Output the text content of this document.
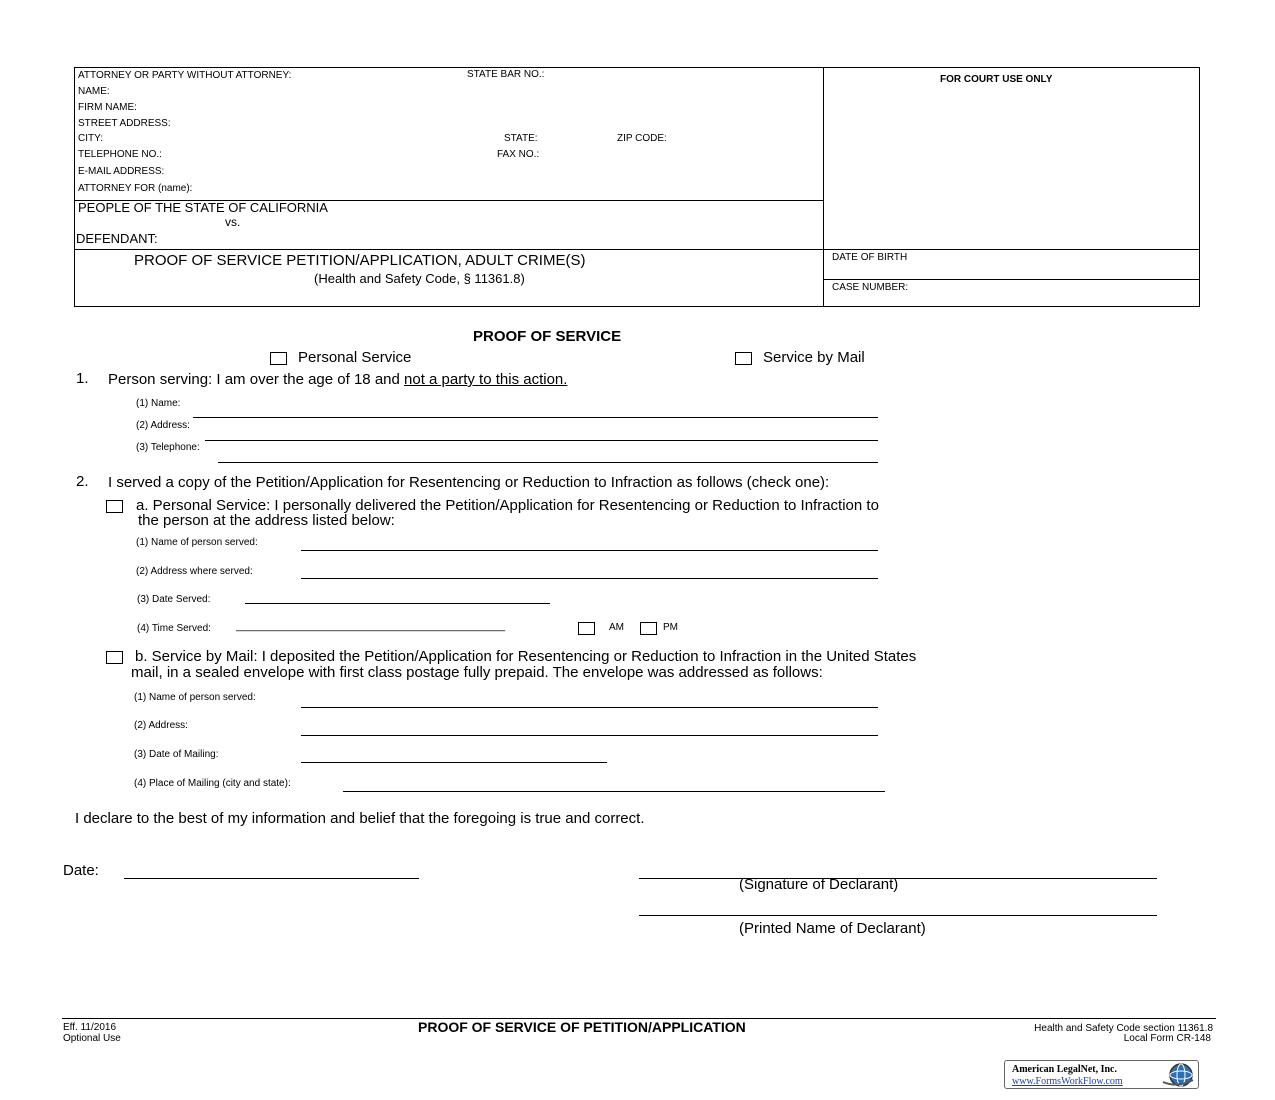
ATTORNEY OR PARTY WITHOUT ATTORNEY:	STATE BAR NO.:
NAME:
FIRM NAME:
STREET ADDRESS:
CITY:	STATE:	ZIP CODE:
TELEPHONE NO.:	FAX NO.:
E-MAIL ADDRESS:
ATTORNEY FOR (name):
FOR COURT USE ONLY
PEOPLE OF THE STATE OF CALIFORNIA
vs.
DEFENDANT:
PROOF OF SERVICE PETITION/APPLICATION, ADULT CRIME(S)
(Health and Safety Code, § 11361.8)
DATE OF BIRTH
CASE NUMBER:
PROOF OF SERVICE
Personal Service	Service by Mail
1. Person serving: I am over the age of 18 and not a party to this action.
(1) Name:
(2) Address:
(3) Telephone:
2. I served a copy of the Petition/Application for Resentencing or Reduction to Infraction as follows (check one):
a. Personal Service: I personally delivered the Petition/Application for Resentencing or Reduction to Infraction to
the person at the address listed below:
(1) Name of person served:
(2) Address where served:
(3) Date Served:
(4) Time Served: ____________________________________________	AM	PM
b. Service by Mail: I deposited the Petition/Application for Resentencing or Reduction to Infraction in the United States
mail, in a sealed envelope with first class postage fully prepaid. The envelope was addressed as follows:
(1) Name of person served:
(2) Address:
(3) Date of Mailing:
(4) Place of Mailing (city and state):
I declare to the best of my information and belief that the foregoing is true and correct.
Date:
(Signature of Declarant)
(Printed Name of Declarant)
Eff. 11/2016
Optional Use
PROOF OF SERVICE OF PETITION/APPLICATION	Health and Safety Code section 11361.8
Local Form CR-148
American LegalNet, Inc.
www.FormsWorkFlow.com
